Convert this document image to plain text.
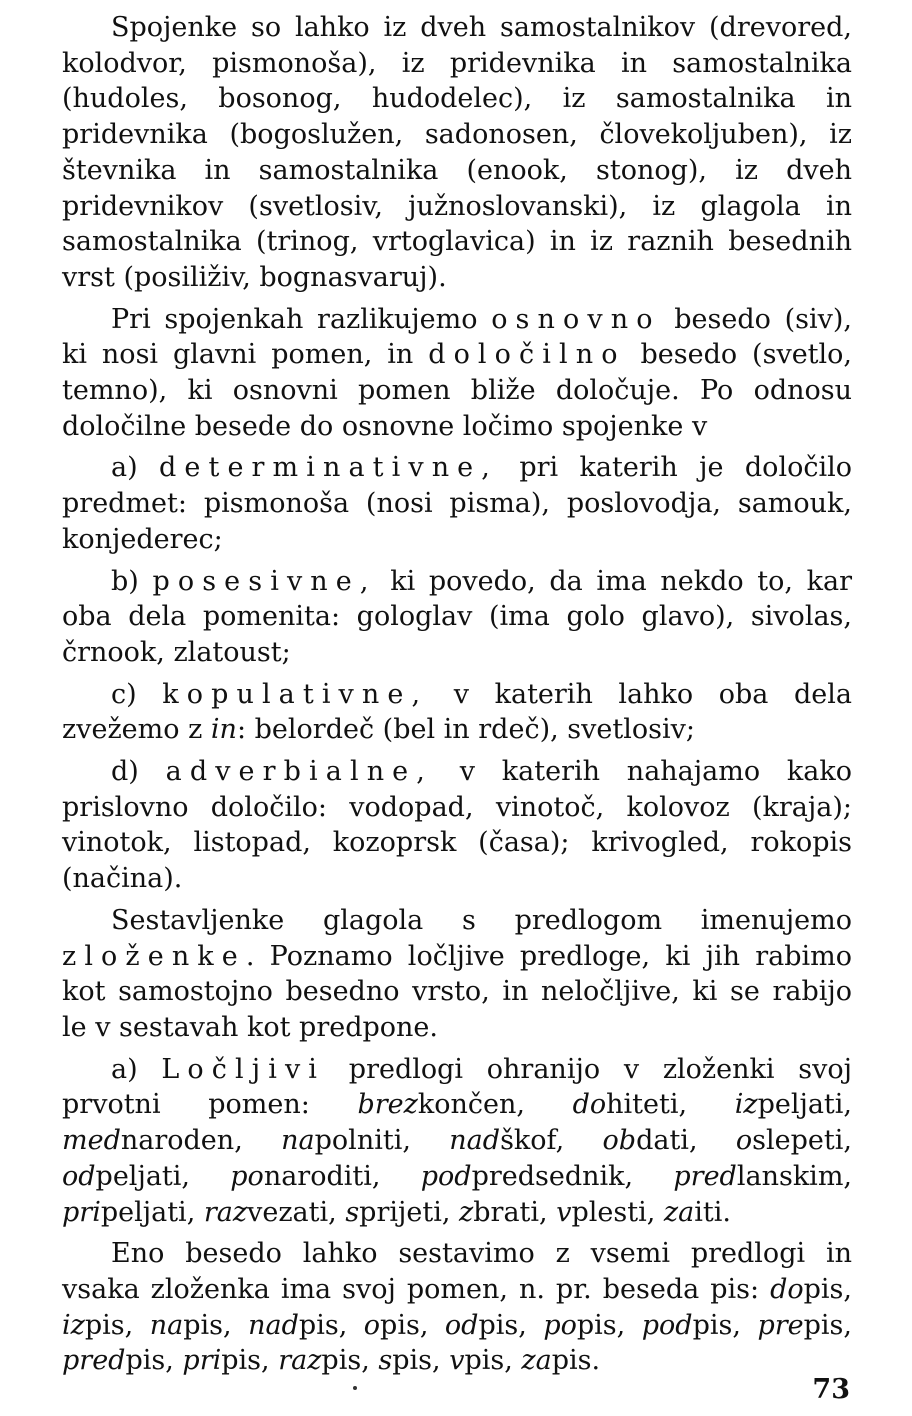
Spojenke so lahko iz dveh samostalnikov (drevored, kolodvor, pismonoša), iz pridevnika in samostalnika (hudoles, bosonog, hudodelec), iz samostalnika in pridevnika (bogoslužen, sadonosen, človekoljuben), iz števnika in samostalnika (enook, stonog), iz dveh pridevnikov (svetlosiv, južnoslovanski), iz glagola in samostalnika (trinog, vrtoglavica) in iz raznih besednih vrst (posiliživ, bognasvaruj).

Pri spojenkah razlikujemo osnovno besedo (siv), ki nosi glavni pomen, in določilno besedo (svetlo, temno), ki osnovni pomen bliže določuje. Po odnosu določilne besede do osnovne ločimo spojenke v

a) determinativne, pri katerih je določilo predmet: pismonoša (nosi pisma), poslovodja, samouk, konjederec;

b) posesivne, ki povedo, da ima nekdo to, kar oba dela pomenita: gologlav (ima golo glavo), sivolas, črnook, zlatoust;

c) kopulativne, v katerih lahko oba dela zvežemo z in: belordeč (bel in rdeč), svetlosiv;

d) adverbialne, v katerih nahajamo kako prislovno določilo: vodopad, vinotoč, kolovoz (kraja); vinotok, listopad, kozoprsk (časa); krivogled, rokopis (načina).

Sestavljenke glagola s predlogom imenujemo zloženke. Poznamo ločljive predloge, ki jih rabimo kot samostojno besedno vrsto, in neločljive, ki se rabijo le v sestavah kot predpone.

a) Ločljivi predlogi ohranijo v zloženki svoj prvotni pomen: brezkončen, dohiteti, izpeljati, mednaroden, napolniti, nadškof, obdati, oslepeti, odpeljati, ponaroditi, podpredsednik, predlanskim, pripeljati, razvezati, sprijeti, zbrati, vplesti, zaiti.

Eno besedo lahko sestavimo z vsemi predlogi in vsaka zloženka ima svoj pomen, n. pr. beseda pis: dopis, izpis, napis, nadpis, opis, odpis, popis, podpis, prepis, predpis, pripis, razpis, spis, vpis, zapis.

73
